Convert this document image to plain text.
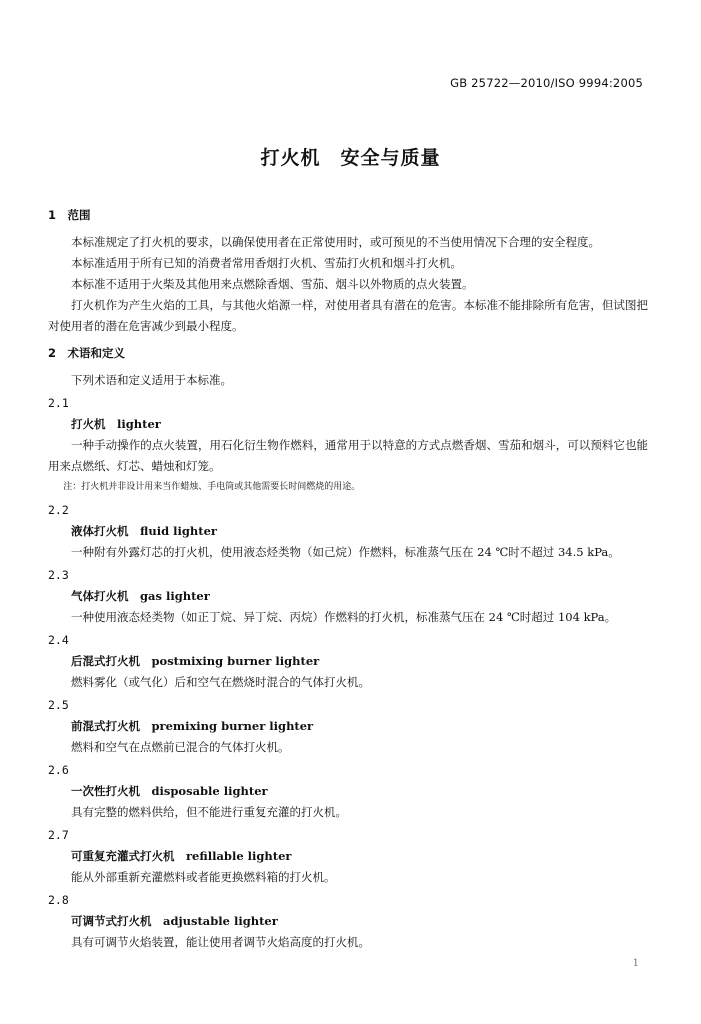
GB 25722—2010/ISO 9994:2005
打火机　安全与质量
1　范围
本标准规定了打火机的要求，以确保使用者在正常使用时，或可预见的不当使用情况下合理的安全程度。
本标准适用于所有已知的消费者常用香烟打火机、雪茄打火机和烟斗打火机。
本标准不适用于火柴及其他用来点燃除香烟、雪茄、烟斗以外物质的点火装置。
打火机作为产生火焰的工具，与其他火焰源一样，对使用者具有潜在的危害。本标准不能排除所有危害，但试图把对使用者的潜在危害减少到最小程度。
2　术语和定义
下列术语和定义适用于本标准。
2.1
打火机　lighter
一种手动操作的点火装置，用石化衍生物作燃料，通常用于以特意的方式点燃香烟、雪茄和烟斗，可以预料它也能用来点燃纸、灯芯、蜡烛和灯笼。
注：打火机并非设计用来当作蜡烛、手电筒或其他需要长时间燃烧的用途。
2.2
液体打火机　fluid lighter
一种附有外露灯芯的打火机，使用液态烃类物（如己烷）作燃料，标准蒸气压在 24 ℃时不超过 34.5 kPa。
2.3
气体打火机　gas lighter
一种使用液态烃类物（如正丁烷、异丁烷、丙烷）作燃料的打火机，标准蒸气压在 24 ℃时超过 104 kPa。
2.4
后混式打火机　postmixing burner lighter
燃料雾化（或气化）后和空气在燃烧时混合的气体打火机。
2.5
前混式打火机　premixing burner lighter
燃料和空气在点燃前已混合的气体打火机。
2.6
一次性打火机　disposable lighter
具有完整的燃料供给，但不能进行重复充灌的打火机。
2.7
可重复充灌式打火机　refillable lighter
能从外部重新充灌燃料或者能更换燃料箱的打火机。
2.8
可调节式打火机　adjustable lighter
具有可调节火焰装置，能让使用者调节火焰高度的打火机。
1
